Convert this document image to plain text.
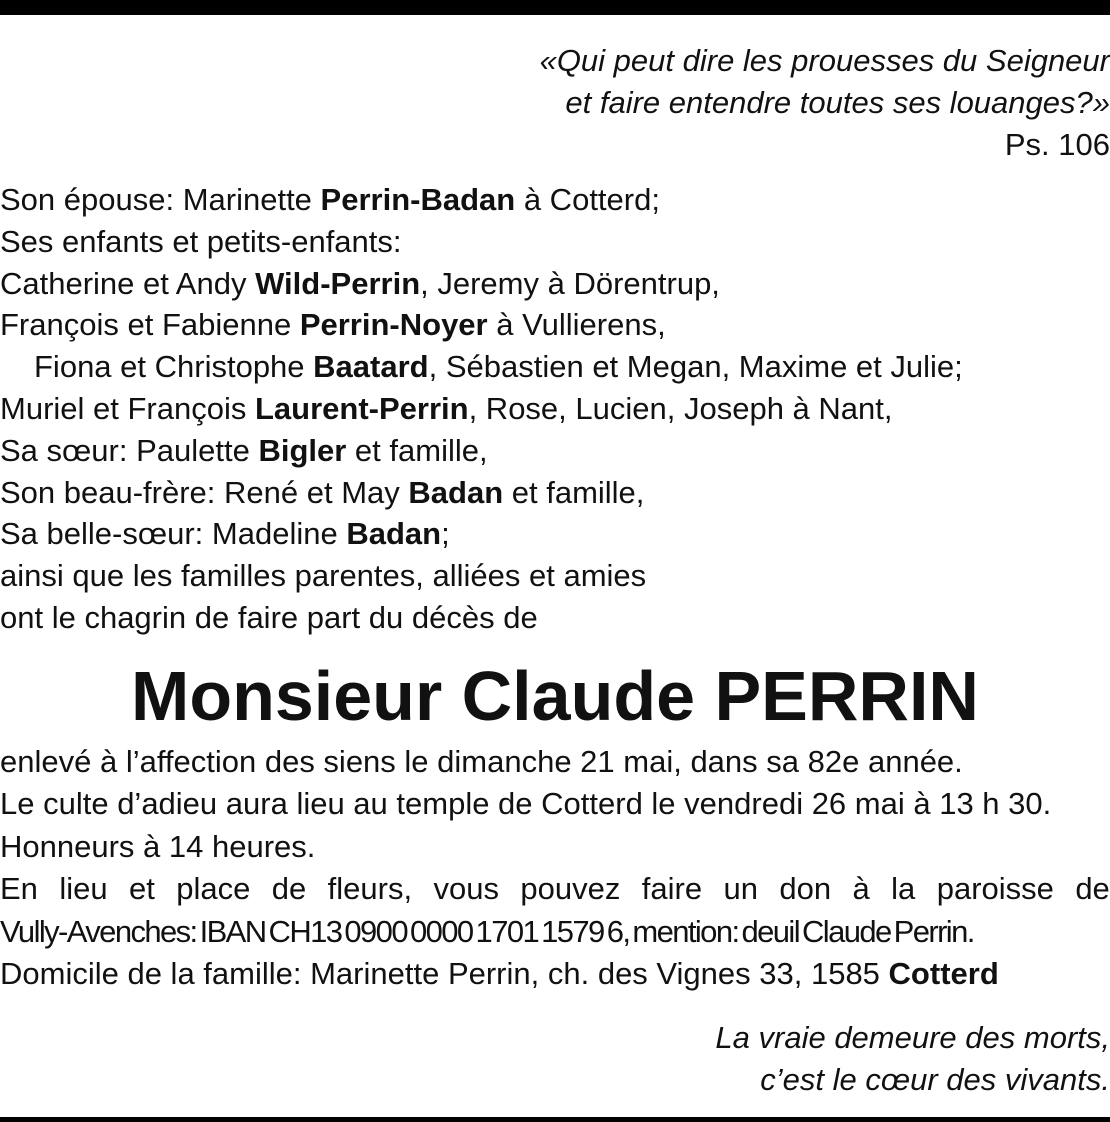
«Qui peut dire les prouesses du Seigneur
et faire entendre toutes ses louanges?»
Ps. 106
Son épouse: Marinette Perrin-Badan à Cotterd;
Ses enfants et petits-enfants:
Catherine et Andy Wild-Perrin, Jeremy à Dörentrup,
François et Fabienne Perrin-Noyer à Vullierens,
Fiona et Christophe Baatard, Sébastien et Megan, Maxime et Julie;
Muriel et François Laurent-Perrin, Rose, Lucien, Joseph à Nant,
Sa sœur: Paulette Bigler et famille,
Son beau-frère: René et May Badan et famille,
Sa belle-sœur: Madeline Badan;
ainsi que les familles parentes, alliées et amies
ont le chagrin de faire part du décès de
Monsieur Claude PERRIN
enlevé à l’affection des siens le dimanche 21 mai, dans sa 82e année.
Le culte d’adieu aura lieu au temple de Cotterd le vendredi 26 mai à 13 h 30.
Honneurs à 14 heures.
En lieu et place de fleurs, vous pouvez faire un don à la paroisse de
Vully-Avenches: IBAN CH13 0900 0000 1701 1579 6, mention: deuil Claude Perrin.
Domicile de la famille: Marinette Perrin, ch. des Vignes 33, 1585 Cotterd
La vraie demeure des morts,
c’est le cœur des vivants.
